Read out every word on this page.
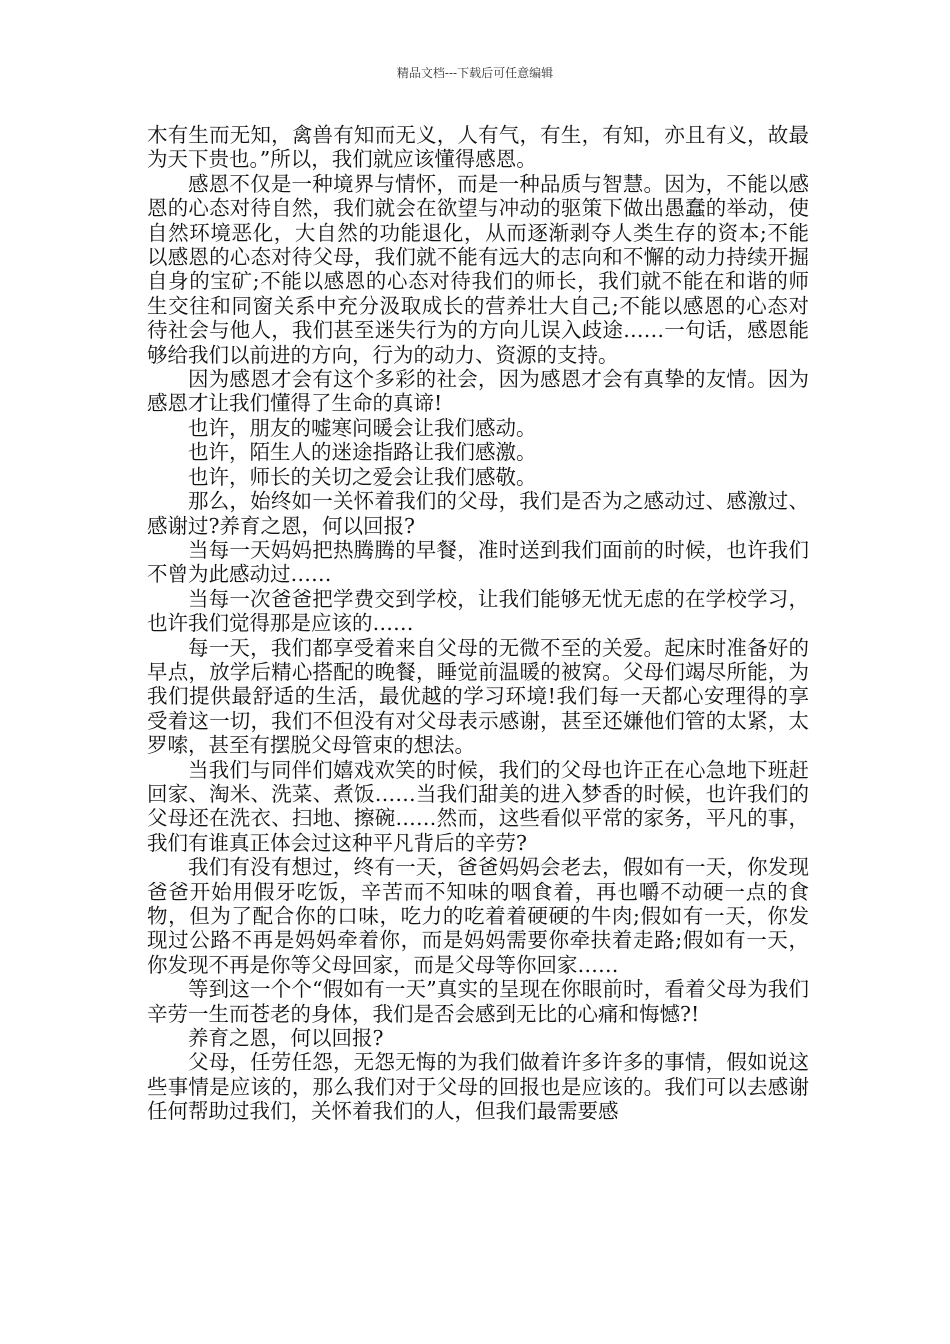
精品文档---下载后可任意编辑

木有生而无知，禽兽有知而无义，人有气，有生，有知，亦且有义，故最为天下贵也。”所以，我们就应该懂得感恩。

感恩不仅是一种境界与情怀，而是一种品质与智慧。因为，不能以感恩的心态对待自然，我们就会在欲望与冲动的驱策下做出愚蠢的举动，使自然环境恶化，大自然的功能退化，从而逐渐剥夺人类生存的资本;不能以感恩的心态对待父母，我们就不能有远大的志向和不懈的动力持续开掘自身的宝矿;不能以感恩的心态对待我们的师长，我们就不能在和谐的师生交往和同窗关系中充分汲取成长的营养壮大自己;不能以感恩的心态对待社会与他人，我们甚至迷失行为的方向儿误入歧途……一句话，感恩能够给我们以前进的方向，行为的动力、资源的支持。

因为感恩才会有这个多彩的社会，因为感恩才会有真挚的友情。因为感恩才让我们懂得了生命的真谛!

也许，朋友的嘘寒问暖会让我们感动。

也许，陌生人的迷途指路让我们感激。

也许，师长的关切之爱会让我们感敬。

那么，始终如一关怀着我们的父母，我们是否为之感动过、感激过、感谢过?养育之恩，何以回报?

当每一天妈妈把热腾腾的早餐，准时送到我们面前的时候，也许我们不曾为此感动过……

当每一次爸爸把学费交到学校，让我们能够无忧无虑的在学校学习，也许我们觉得那是应该的……

每一天，我们都享受着来自父母的无微不至的关爱。起床时准备好的早点，放学后精心搭配的晚餐，睡觉前温暖的被窝。父母们竭尽所能，为我们提供最舒适的生活，最优越的学习环境!我们每一天都心安理得的享受着这一切，我们不但没有对父母表示感谢，甚至还嫌他们管的太紧，太罗嗦，甚至有摆脱父母管束的想法。

当我们与同伴们嬉戏欢笑的时候，我们的父母也许正在心急地下班赶回家、淘米、洗菜、煮饭……当我们甜美的进入梦香的时候，也许我们的父母还在洗衣、扫地、擦碗……然而，这些看似平常的家务，平凡的事，我们有谁真正体会过这种平凡背后的辛劳?

我们有没有想过，终有一天，爸爸妈妈会老去，假如有一天，你发现爸爸开始用假牙吃饭，辛苦而不知味的咽食着，再也嚼不动硬一点的食物，但为了配合你的口味，吃力的吃着着硬硬的牛肉;假如有一天，你发现过公路不再是妈妈牵着你，而是妈妈需要你牵扶着走路;假如有一天，你发现不再是你等父母回家，而是父母等你回家……

等到这一个个“假如有一天”真实的呈现在你眼前时，看着父母为我们辛劳一生而苍老的身体，我们是否会感到无比的心痛和悔憾?!

养育之恩，何以回报?

父母，任劳任怨，无怨无悔的为我们做着许多许多的事情，假如说这些事情是应该的，那么我们对于父母的回报也是应该的。我们可以去感谢任何帮助过我们，关怀着我们的人，但我们最需要感
